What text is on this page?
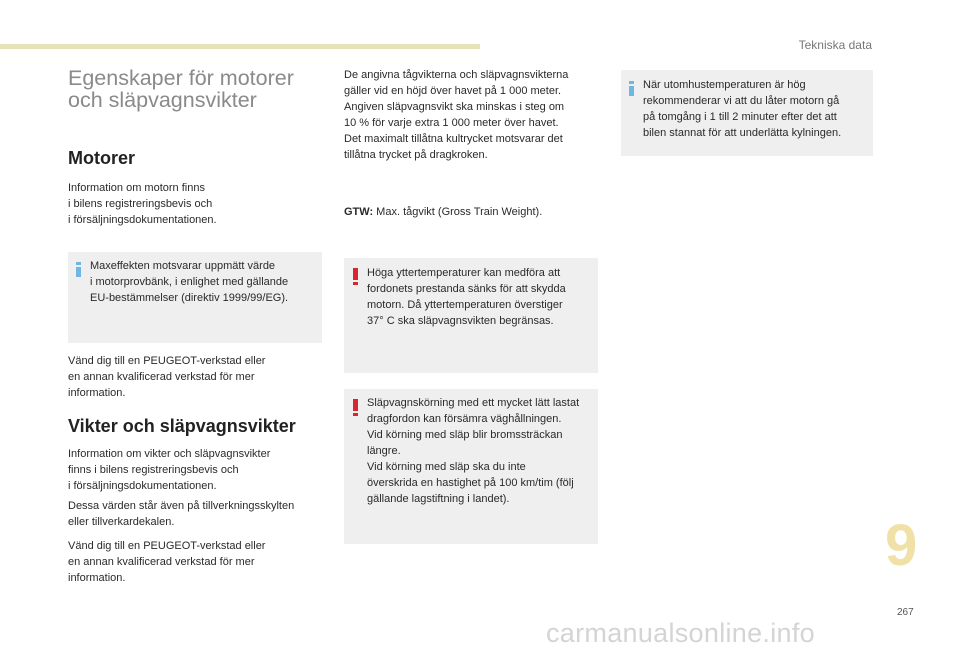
Tekniska data
9
267
carmanualsonline.info
Egenskaper för motorer
och släpvagnsvikter
Motorer

Information om motorn finns
i bilens registreringsbevis och
i försäljningsdokumentationen.

Maxeffekten motsvarar uppmätt värde
i motorprovbänk, i enlighet med gällande
EU-bestämmelser (direktiv 1999/99/EG).

Vänd dig till en PEUGEOT-verkstad eller
en annan kvalificerad verkstad för mer
information.

Vikter och släpvagnsvikter

Information om vikter och släpvagnsvikter
finns i bilens registreringsbevis och
i försäljningsdokumentationen.

Dessa värden står även på tillverkningsskylten
eller tillverkardekalen.

Vänd dig till en PEUGEOT-verkstad eller
en annan kvalificerad verkstad för mer
information.

De angivna tågvikterna och släpvagnsvikterna
gäller vid en höjd över havet på 1 000 meter.
Angiven släpvagnsvikt ska minskas i steg om
10 % för varje extra 1 000 meter över havet.
Det maximalt tillåtna kultrycket motsvarar det
tillåtna trycket på dragkroken.

GTW: Max. tågvikt (Gross Train Weight).

Höga yttertemperaturer kan medföra att
fordonets prestanda sänks för att skydda
motorn. Då yttertemperaturen överstiger
37° C ska släpvagnsvikten begränsas.
Släpvagnskörning med ett mycket lätt lastat
dragfordon kan försämra väghållningen.
Vid körning med släp blir bromssträckan
längre.
Vid körning med släp ska du inte
överskrida en hastighet på 100 km/tim (följ
gällande lagstiftning i landet).
När utomhustemperaturen är hög
rekommenderar vi att du låter motorn gå
på tomgång i 1 till 2 minuter efter det att
bilen stannat för att underlätta kylningen.
